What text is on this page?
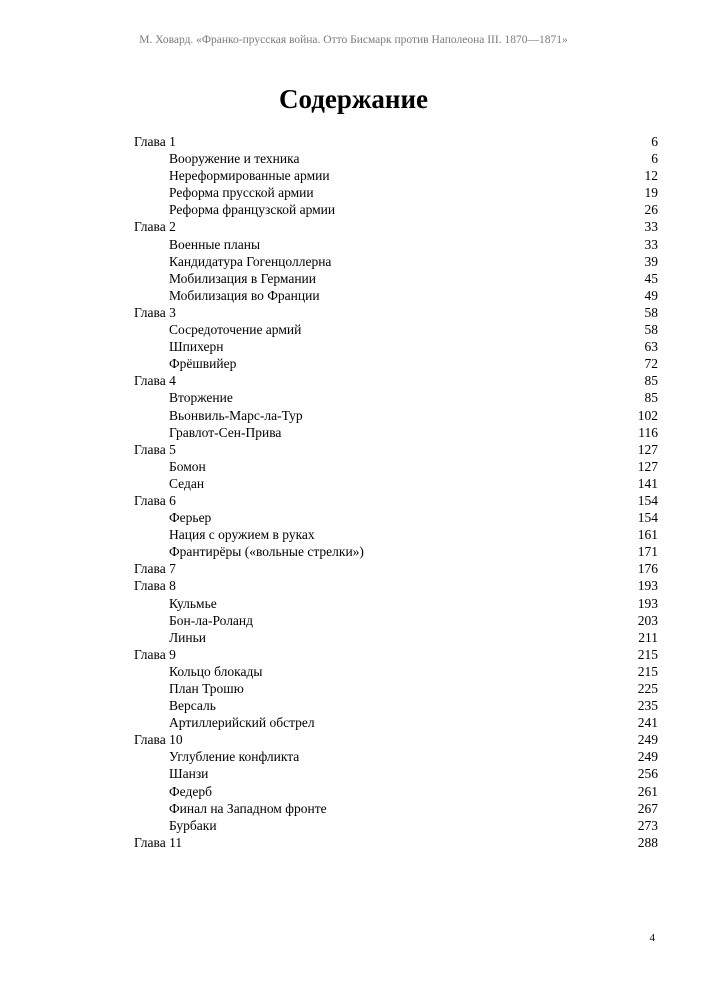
М. Ховард. «Франко-прусская война. Отто Бисмарк против Наполеона III. 1870—1871»
Содержание
Глава 1	6
Вооружение и техника	6
Нереформированные армии	12
Реформа прусской армии	19
Реформа французской армии	26
Глава 2	33
Военные планы	33
Кандидатура Гогенцоллерна	39
Мобилизация в Германии	45
Мобилизация во Франции	49
Глава 3	58
Сосредоточение армий	58
Шпихерн	63
Фрёшвийер	72
Глава 4	85
Вторжение	85
Вьонвиль-Марс-ла-Тур	102
Гравлот-Сен-Прива	116
Глава 5	127
Бомон	127
Седан	141
Глава 6	154
Ферьер	154
Нация с оружием в руках	161
Франтирёры («вольные стрелки»)	171
Глава 7	176
Глава 8	193
Кульмье	193
Бон-ла-Роланд	203
Линьи	211
Глава 9	215
Кольцо блокады	215
План Трошю	225
Версаль	235
Артиллерийский обстрел	241
Глава 10	249
Углубление конфликта	249
Шанзи	256
Федерб	261
Финал на Западном фронте	267
Бурбаки	273
Глава 11	288
4
